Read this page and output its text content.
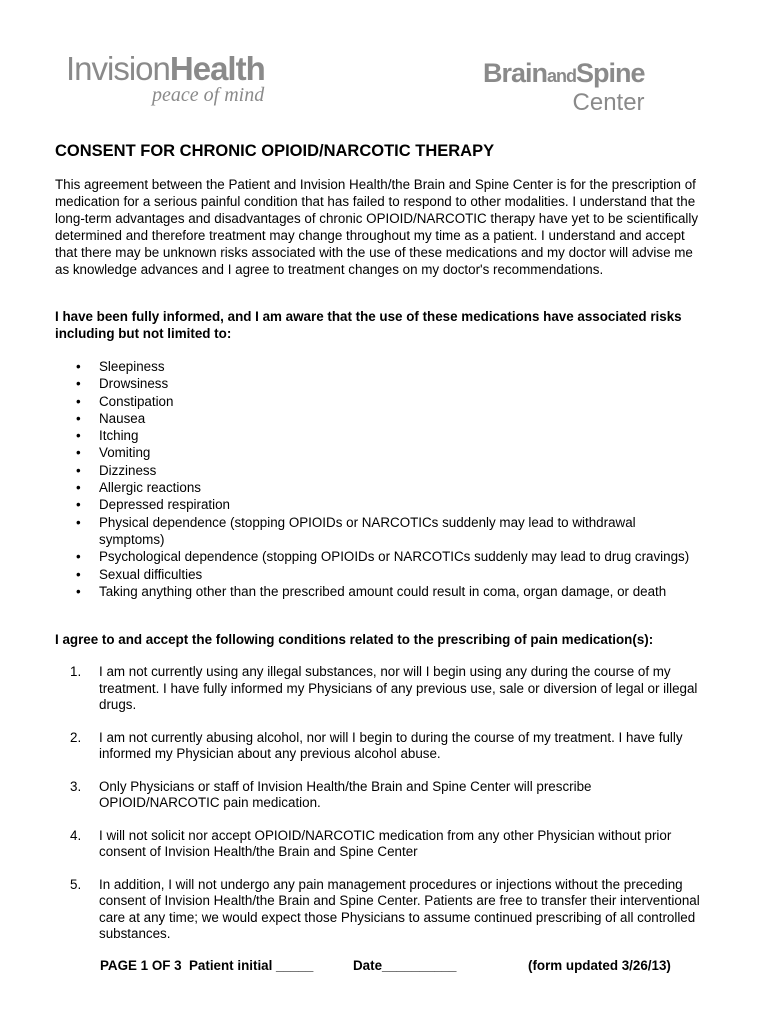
InvisionHealth
peace of mind
BrainandSpine
Center
CONSENT FOR CHRONIC OPIOID/NARCOTIC THERAPY
This agreement between the Patient and Invision Health/the Brain and Spine Center is for the prescription of medication for a serious painful condition that has failed to respond to other modalities. I understand that the long-term advantages and disadvantages of chronic OPIOID/NARCOTIC therapy have yet to be scientifically determined and therefore treatment may change throughout my time as a patient. I understand and accept that there may be unknown risks associated with the use of these medications and my doctor will advise me as knowledge advances and I agree to treatment changes on my doctor's recommendations.
I have been fully informed, and I am aware that the use of these medications have associated risks including but not limited to:
• Sleepiness
• Drowsiness
• Constipation
• Nausea
• Itching
• Vomiting
• Dizziness
• Allergic reactions
• Depressed respiration
• Physical dependence (stopping OPIOIDs or NARCOTICs suddenly may lead to withdrawal symptoms)
• Psychological dependence (stopping OPIOIDs or NARCOTICs suddenly may lead to drug cravings)
• Sexual difficulties
• Taking anything other than the prescribed amount could result in coma, organ damage, or death
I agree to and accept the following conditions related to the prescribing of pain medication(s):
1. I am not currently using any illegal substances, nor will I begin using any during the course of my treatment. I have fully informed my Physicians of any previous use, sale or diversion of legal or illegal drugs.
2. I am not currently abusing alcohol, nor will I begin to during the course of my treatment. I have fully informed my Physician about any previous alcohol abuse.
3. Only Physicians or staff of Invision Health/the Brain and Spine Center will prescribe OPIOID/NARCOTIC pain medication.
4. I will not solicit nor accept OPIOID/NARCOTIC medication from any other Physician without prior consent of Invision Health/the Brain and Spine Center
5. In addition, I will not undergo any pain management procedures or injections without the preceding consent of Invision Health/the Brain and Spine Center. Patients are free to transfer their interventional care at any time; we would expect those Physicians to assume continued prescribing of all controlled substances.
PAGE 1 OF 3 Patient initial _____	Date__________	(form updated 3/26/13)
